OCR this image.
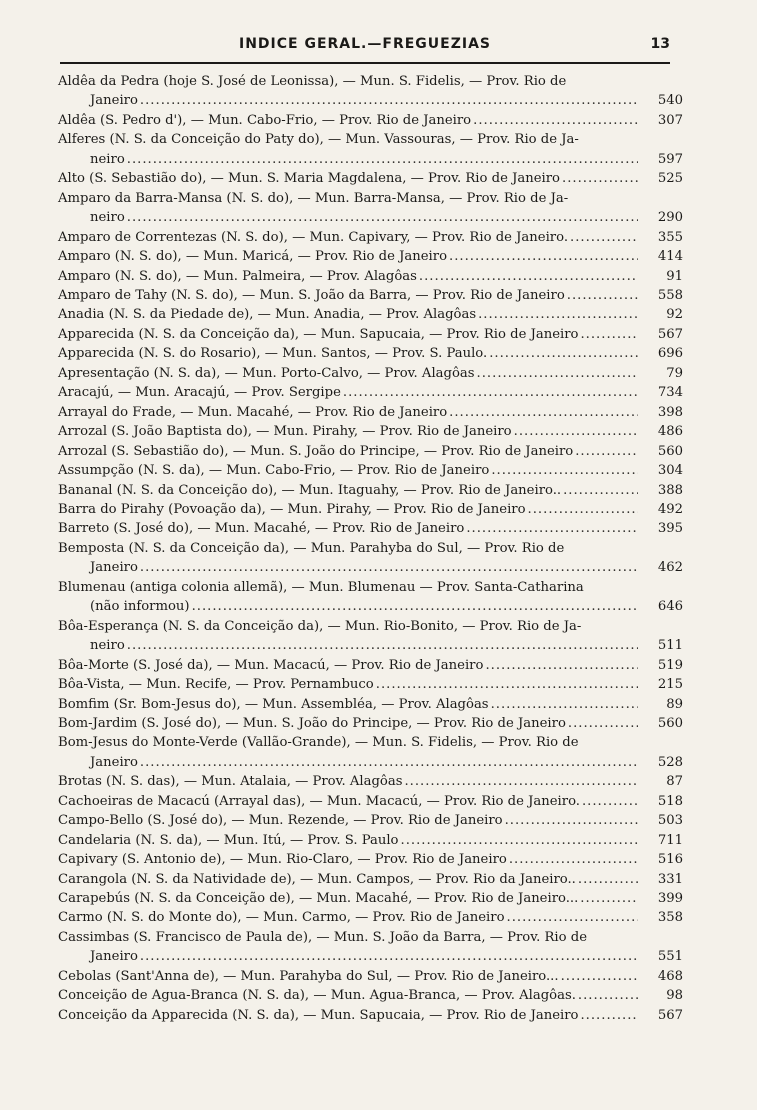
INDICE GERAL.—FREGUEZIAS	13
Aldêa da Pedra (hoje S. José de Leonissa), — Mun. S. Fidelis, — Prov. Rio de
Janeiro .....	540
Aldêa (S. Pedro d'), — Mun. Cabo-Frio, — Prov. Rio de Janeiro .....	307
Alferes (N. S. da Conceição do Paty do), — Mun. Vassouras, — Prov. Rio de Ja-
neiro .....	597
Alto (S. Sebastião do), — Mun. S. Maria Magdalena, — Prov. Rio de Janeiro .....	525
Amparo da Barra-Mansa (N. S. do), — Mun. Barra-Mansa, — Prov. Rio de Ja-
neiro .....	290
Amparo de Correntezas (N. S. do), — Mun. Capivary, — Prov. Rio de Janeiro. .....	355
Amparo (N. S. do), — Mun. Maricá, — Prov. Rio de Janeiro .....	414
Amparo (N. S. do), — Mun. Palmeira, — Prov. Alagôas .....	91
Amparo de Tahy (N. S. do), — Mun. S. João da Barra, — Prov. Rio de Janeiro .....	558
Anadia (N. S. da Piedade de), — Mun. Anadia, — Prov. Alagôas .....	92
Apparecida (N. S. da Conceição da), — Mun. Sapucaia, — Prov. Rio de Janeiro .....	567
Apparecida (N. S. do Rosario), — Mun. Santos, — Prov. S. Paulo. .....	696
Apresentação (N. S. da), — Mun. Porto-Calvo, — Prov. Alagôas .....	79
Aracajú, — Mun. Aracajú, — Prov. Sergipe .....	734
Arrayal do Frade, — Mun. Macahé, — Prov. Rio de Janeiro .....	398
Arrozal (S. João Baptista do), — Mun. Pirahy, — Prov. Rio de Janeiro .....	486
Arrozal (S. Sebastião do), — Mun. S. João do Principe, — Prov. Rio de Janeiro .....	560
Assumpção (N. S. da), — Mun. Cabo-Frio, — Prov. Rio de Janeiro .....	304
Bananal (N. S. da Conceição do), — Mun. Itaguahy, — Prov. Rio de Janeiro.. .....	388
Barra do Pirahy (Povoação da), — Mun. Pirahy, — Prov. Rio de Janeiro .....	492
Barreto (S. José do), — Mun. Macahé, — Prov. Rio de Janeiro .....	395
Bemposta (N. S. da Conceição da), — Mun. Parahyba do Sul, — Prov. Rio de
Janeiro .....	462
Blumenau (antiga colonia allemã), — Mun. Blumenau — Prov. Santa-Catharina
(não informou) .....	646
Bôa-Esperança (N. S. da Conceição da), — Mun. Rio-Bonito, — Prov. Rio de Ja-
neiro .....	511
Bôa-Morte (S. José da), — Mun. Macacú, — Prov. Rio de Janeiro .....	519
Bôa-Vista, — Mun. Recife, — Prov. Pernambuco .....	215
Bomfim (Sr. Bom-Jesus do), — Mun. Assembléa, — Prov. Alagôas .....	89
Bom-Jardim (S. José do), — Mun. S. João do Principe, — Prov. Rio de Janeiro .....	560
Bom-Jesus do Monte-Verde (Vallão-Grande), — Mun. S. Fidelis, — Prov. Rio de
Janeiro .....	528
Brotas (N. S. das), — Mun. Atalaia, — Prov. Alagôas .....	87
Cachoeiras de Macacú (Arrayal das), — Mun. Macacú, — Prov. Rio de Janeiro. .....	518
Campo-Bello (S. José do), — Mun. Rezende, — Prov. Rio de Janeiro .....	503
Candelaria (N. S. da), — Mun. Itú, — Prov. S. Paulo .....	711
Capivary (S. Antonio de), — Mun. Rio-Claro, — Prov. Rio de Janeiro .....	516
Carangola (N. S. da Natividade de), — Mun. Campos, — Prov. Rio da Janeiro.. .....	331
Carapebús (N. S. da Conceição de), — Mun. Macahé, — Prov. Rio de Janeiro... .....	399
Carmo (N. S. do Monte do), — Mun. Carmo, — Prov. Rio de Janeiro .....	358
Cassimbas (S. Francisco de Paula de), — Mun. S. João da Barra, — Prov. Rio de
Janeiro .....	551
Cebolas (Sant'Anna de), — Mun. Parahyba do Sul, — Prov. Rio de Janeiro... .....	468
Conceição de Agua-Branca (N. S. da), — Mun. Agua-Branca, — Prov. Alagôas. .....	98
Conceição da Apparecida (N. S. da), — Mun. Sapucaia, — Prov. Rio de Janeiro .....	567
